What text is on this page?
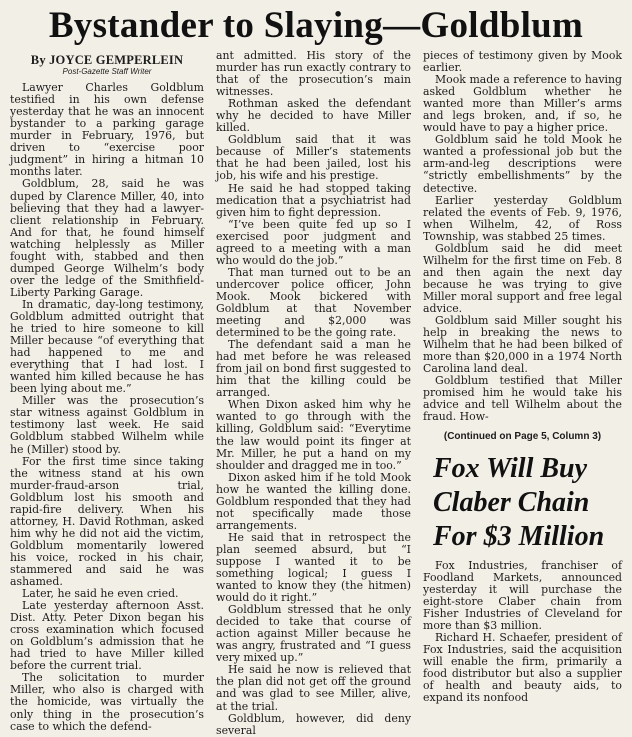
Bystander to Slaying—Goldblum
By JOYCE GEMPERLEIN
Post-Gazette Staff Writer

Lawyer Charles Goldblum testified in his own defense yesterday that he was an innocent bystander to a parking garage murder in February, 1976, but driven to “exercise poor judgment” in hiring a hitman 10 months later.

Goldblum, 28, said he was duped by Clarence Miller, 40, into believing that they had a lawyer-client relationship in February. And for that, he found himself watching helplessly as Miller fought with, stabbed and then dumped George Wilhelm’s body over the ledge of the Smithfield-Liberty Parking Garage.

In dramatic, day-long testimony, Goldblum admitted outright that he tried to hire someone to kill Miller because “of everything that had happened to me and everything that I had lost. I wanted him killed because he has been lying about me.”

Miller was the prosecution’s star witness against Goldblum in testimony last week. He said Goldblum stabbed Wilhelm while he (Miller) stood by.

For the first time since taking the witness stand at his own murder-fraud-arson trial, Goldblum lost his smooth and rapid-fire delivery. When his attorney, H. David Rothman, asked him why he did not aid the victim, Goldblum momentarily lowered his voice, rocked in his chair, stammered and said he was ashamed.

Later, he said he even cried.

Late yesterday afternoon Asst. Dist. Atty. Peter Dixon began his cross examination which focused on Goldblum’s admission that he had tried to have Miller killed before the current trial.

The solicitation to murder Miller, who also is charged with the homicide, was virtually the only thing in the prosecution’s case to which the defend-

ant admitted. His story of the murder has run exactly contrary to that of the prosecution’s main witnesses.

Rothman asked the defendant why he decided to have Miller killed.

Goldblum said that it was because of Miller’s statements that he had been jailed, lost his job, his wife and his prestige.

He said he had stopped taking medication that a psychiatrist had given him to fight depression.

“I’ve been quite fed up so I exercised poor judgment and agreed to a meeting with a man who would do the job.”

That man turned out to be an undercover police officer, John Mook. Mook bickered with Goldblum at that November meeting and $2,000 was determined to be the going rate.

The defendant said a man he had met before he was released from jail on bond first suggested to him that the killing could be arranged.

When Dixon asked him why he wanted to go through with the killing, Goldblum said: “Everytime the law would point its finger at Mr. Miller, he put a hand on my shoulder and dragged me in too.”

Dixon asked him if he told Mook how he wanted the killing done. Goldblum responded that they had not specifically made those arrangements.

He said that in retrospect the plan seemed absurd, but “I suppose I wanted it to be something logical; I guess I wanted to know they (the hitmen) would do it right.”

Goldblum stressed that he only decided to take that course of action against Miller because he was angry, frustrated and “I guess very mixed up.”

He said he now is relieved that the plan did not get off the ground and was glad to see Miller, alive, at the trial.

Goldblum, however, did deny several

pieces of testimony given by Mook earlier.

Mook made a reference to having asked Goldblum whether he wanted more than Miller’s arms and legs broken, and, if so, he would have to pay a higher price.

Goldblum said he told Mook he wanted a professional job but the arm-and-leg descriptions were “strictly embellishments” by the detective.

Earlier yesterday Goldblum related the events of Feb. 9, 1976, when Wilhelm, 42, of Ross Township, was stabbed 25 times.

Goldblum said he did meet Wilhelm for the first time on Feb. 8 and then again the next day because he was trying to give Miller moral support and free legal advice.

Goldblum said Miller sought his help in breaking the news to Wilhelm that he had been bilked of more than $20,000 in a 1974 North Carolina land deal.

Goldblum testified that Miller promised him he would take his advice and tell Wilhelm about the fraud. How-

(Continued on Page 5, Column 3)
Fox Will Buy
Claber Chain
For $3 Million

Fox Industries, franchiser of Foodland Markets, announced yesterday it will purchase the eight-store Claber chain from Fisher Industries of Cleveland for more than $3 million.

Richard H. Schaefer, president of Fox Industries, said the acquisition will enable the firm, primarily a food distributor but also a supplier of health and beauty aids, to expand its nonfood
